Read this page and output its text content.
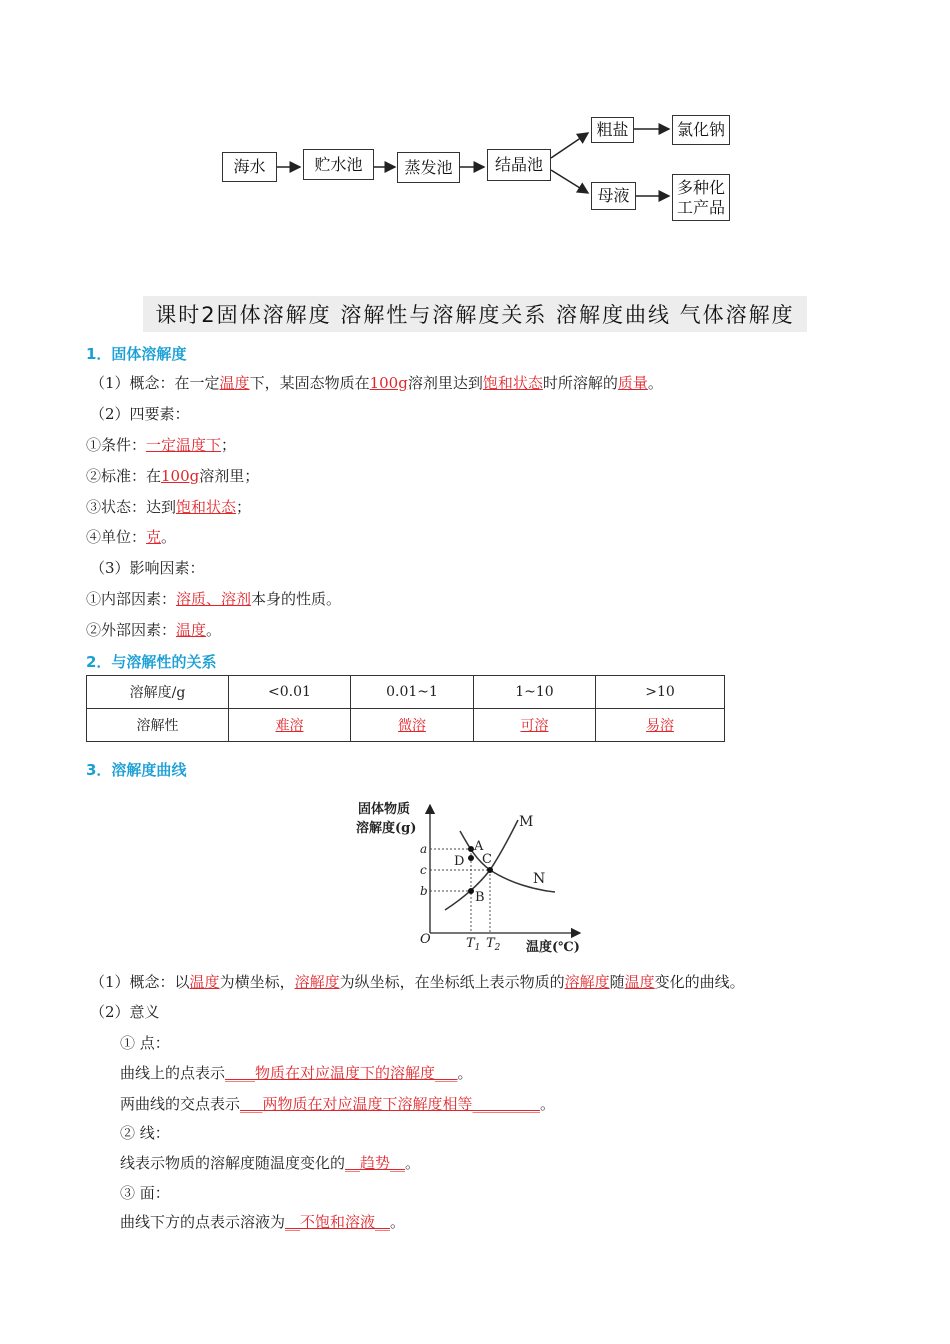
海水	贮水池	蒸发池	结晶池
粗盐	氯化钠
母液	多种化
工产品
课时2固体溶解度 溶解性与溶解度关系 溶解度曲线 气体溶解度
1．固体溶解度
（1）概念：在一定温度下，某固态物质在100g溶剂里达到饱和状态时所溶解的质量。
（2）四要素：
①条件：一定温度下；
②标准：在100g溶剂里；
③状态：达到饱和状态；
④单位：克。
（3）影响因素：
①内部因素：溶质、溶剂本身的性质。
②外部因素：温度。
2．与溶解性的关系
溶解度/g	<0.01	0.01~1	1~10	>10
溶解性	难溶	微溶	可溶	易溶
3．溶解度曲线
固体物质
溶解度(g)
O
a
c
b
A
D C
B
M
N
$T_1$ $T_2$ 温度(℃)
（1）概念：以温度为横坐标，溶解度为纵坐标，在坐标纸上表示物质的溶解度随温度变化的曲线。
（2）意义
① 点：
曲线上的点表示____物质在对应温度下的溶解度___。
两曲线的交点表示___两物质在对应温度下溶解度相等_________。
② 线：
线表示物质的溶解度随温度变化的__趋势__。
③ 面：
曲线下方的点表示溶液为__不饱和溶液__。
